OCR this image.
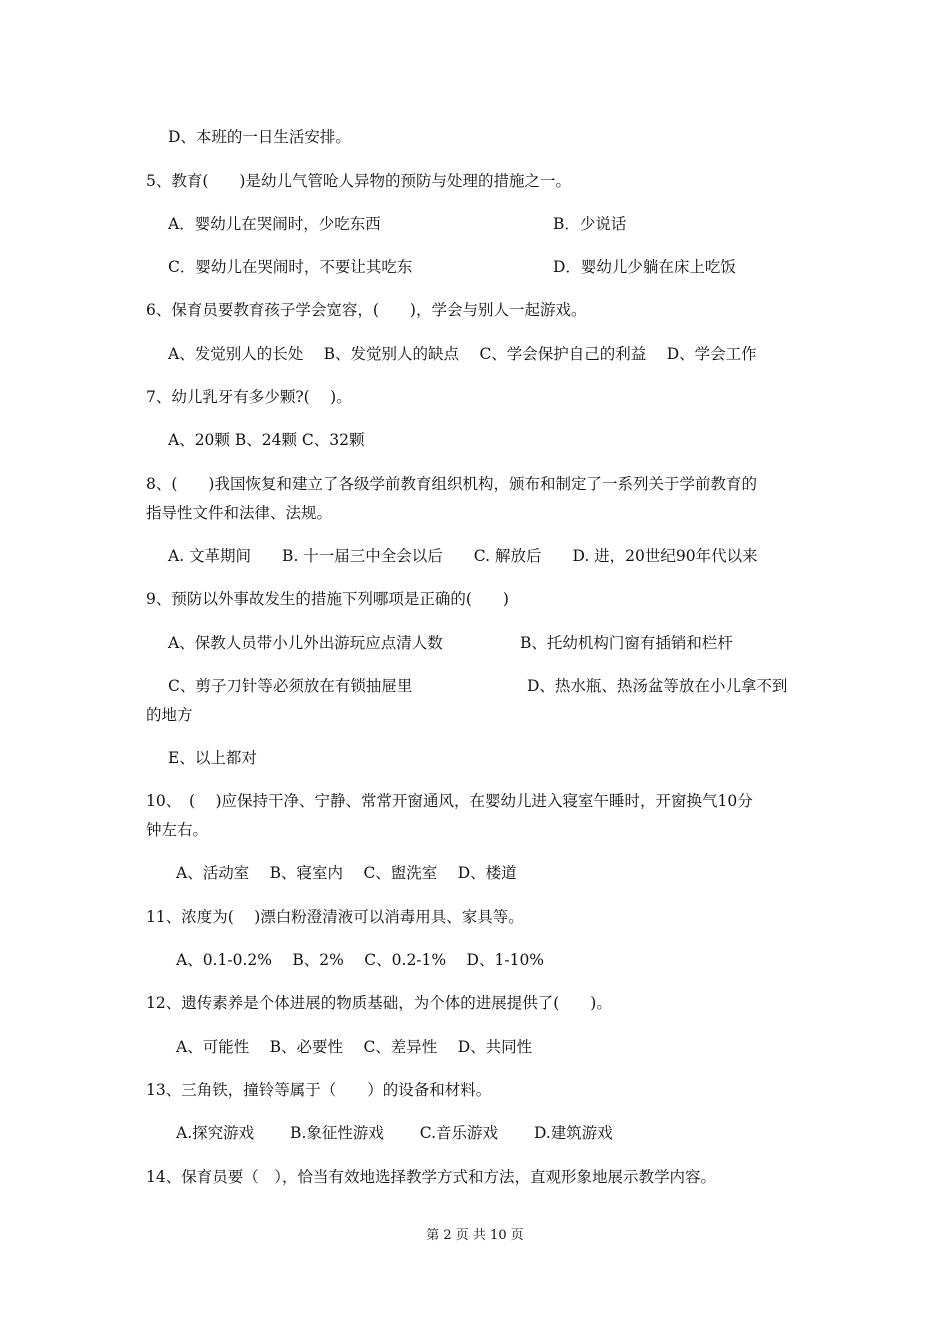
D、本班的一日生活安排。
5、教育(　　)是幼儿气管呛人异物的预防与处理的措施之一。
A．婴幼儿在哭闹时，少吃东西	B．少说话
C．婴幼儿在哭闹时，不要让其吃东	D．婴幼儿少躺在床上吃饭
6、保育员要教育孩子学会宽容，(　　)，学会与别人一起游戏。
A、发觉别人的长处　 B、发觉别人的缺点　 C、学会保护自己的利益　 D、学会工作
7、幼儿乳牙有多少颗?(　 )。
A、20颗 B、24颗 C、32颗
8、(　　)我国恢复和建立了各级学前教育组织机构，颁布和制定了一系列关于学前教育的
指导性文件和法律、法规。
A. 文革期间　　B. 十一届三中全会以后　　C. 解放后　　D. 进，20世纪90年代以来
9、预防以外事故发生的措施下列哪项是正确的(　　)
A、保教人员带小儿外出游玩应点清人数	B、托幼机构门窗有插销和栏杆
C、剪子刀针等必须放在有锁抽屉里	D、热水瓶、热汤盆等放在小儿拿不到
的地方
E、以上都对
10、　(　 )应保持干净、宁静、常常开窗通风，在婴幼儿进入寝室午睡时，开窗换气10分
钟左右。
A、活动室　 B、寝室内　 C、盥洗室　 D、楼道
11、浓度为(　 )漂白粉澄清液可以消毒用具、家具等。
A、0.1-0.2%　 B、2%　 C、0.2-1%　 D、1-10%
12、遗传素养是个体进展的物质基础，为个体的进展提供了(　　)。
A、可能性　 B、必要性　 C、差异性　 D、共同性
13、三角铁，撞铃等属于（　　）的设备和材料。
A.探究游戏　　 B.象征性游戏　　 C.音乐游戏　　 D.建筑游戏
14、保育员要（　），恰当有效地选择教学方式和方法，直观形象地展示教学内容。
第 2 页 共 10 页
